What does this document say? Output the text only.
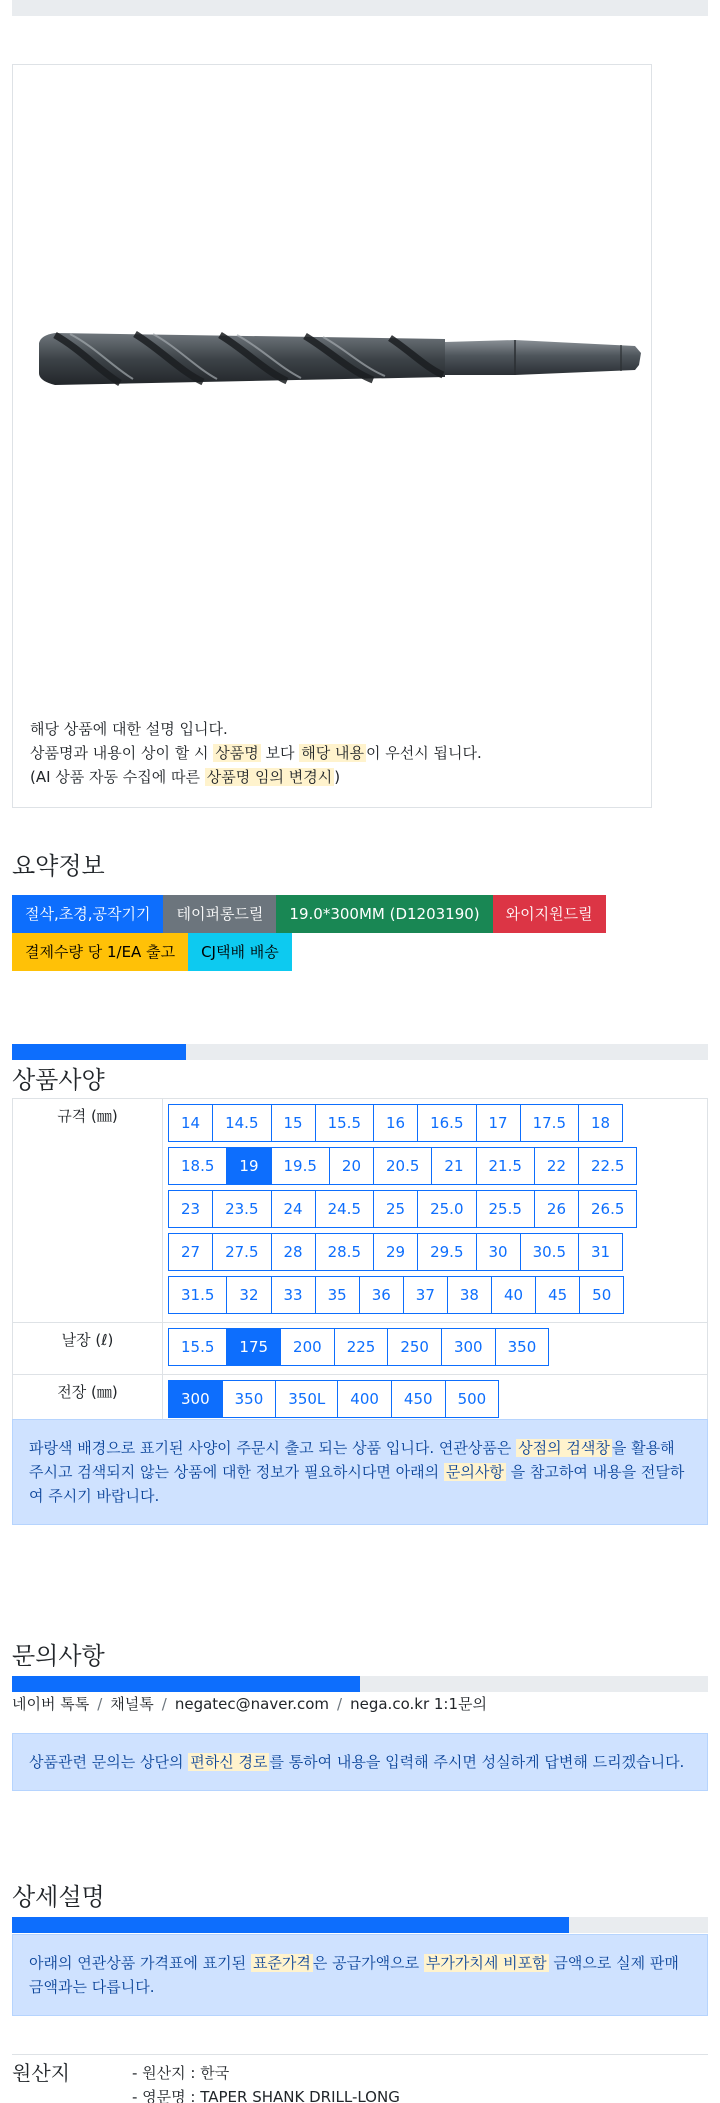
해당 상품에 대한 설명 입니다.
상품명과 내용이 상이 할 시 상품명 보다 해당 내용 이 우선시 됩니다.
(AI 상품 자동 수집에 따른 상품명 임의 변경시 )
요약정보
절삭,초경,공작기기	테이퍼롱드릴	19.0*300MM (D1203190)	와이지원드릴
결제수량 당 1/EA 출고	CJ택배 배송
상품사양
규격 (㎜)	14	14.5	15	15.5	16	16.5	17	17.5	18
18.5	19	19.5	20	20.5	21	21.5	22	22.5
23	23.5	24	24.5	25	25.0	25.5	26	26.5
27	27.5	28	28.5	29	29.5	30	30.5	31
31.5	32	33	35	36	37	38	40	45	50
날장 (ℓ)	15.5	175	200	225	250	300	350
전장 (㎜)	300	350	350L	400	450	500
파랑색 배경으로 표기된 사양이 주문시 출고 되는 상품 입니다. 연관상품은 상점의 검색창 을 활용해 주시고 검색되지 않는 상품에 대한 정보가 필요하시다면 아래의 문의사항 을 참고하여 내용을 전달하여 주시기 바랍니다.
문의사항
네이버 톡톡 / 채널톡 / negatec@naver.com / nega.co.kr 1:1문의
상품관련 문의는 상단의 편하신 경로 를 통하여 내용을 입력해 주시면 성실하게 답변해 드리겠습니다.
상세설명
아래의 연관상품 가격표에 표기된 표준가격 은 공급가액으로 부가가치세 비포함 금액으로 실제 판매금액과는 다릅니다.
원산지	- 원산지 : 한국
- 영문명 : TAPER SHANK DRILL-LONG
